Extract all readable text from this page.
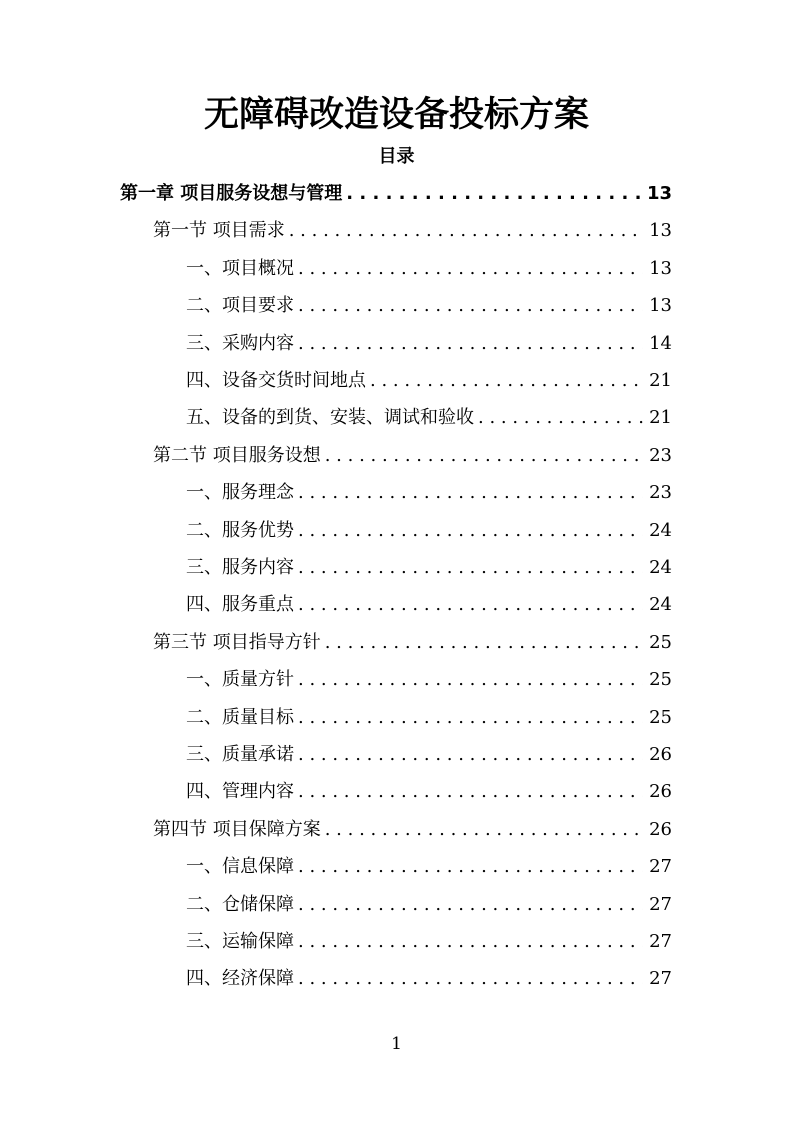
无障碍改造设备投标方案
目录
第一章 项目服务设想与管理 . . .	13
第一节 项目需求 . . .	13
一、项目概况 . . .	13
二、项目要求 . . .	13
三、采购内容 . . .	14
四、设备交货时间地点 . . .	21
五、设备的到货、安装、调试和验收 . . .	21
第二节 项目服务设想 . . .	23
一、服务理念 . . .	23
二、服务优势 . . .	24
三、服务内容 . . .	24
四、服务重点 . . .	24
第三节 项目指导方针 . . .	25
一、质量方针 . . .	25
二、质量目标 . . .	25
三、质量承诺 . . .	26
四、管理内容 . . .	26
第四节 项目保障方案 . . .	26
一、信息保障 . . .	27
二、仓储保障 . . .	27
三、运输保障 . . .	27
四、经济保障 . . .	27
1
